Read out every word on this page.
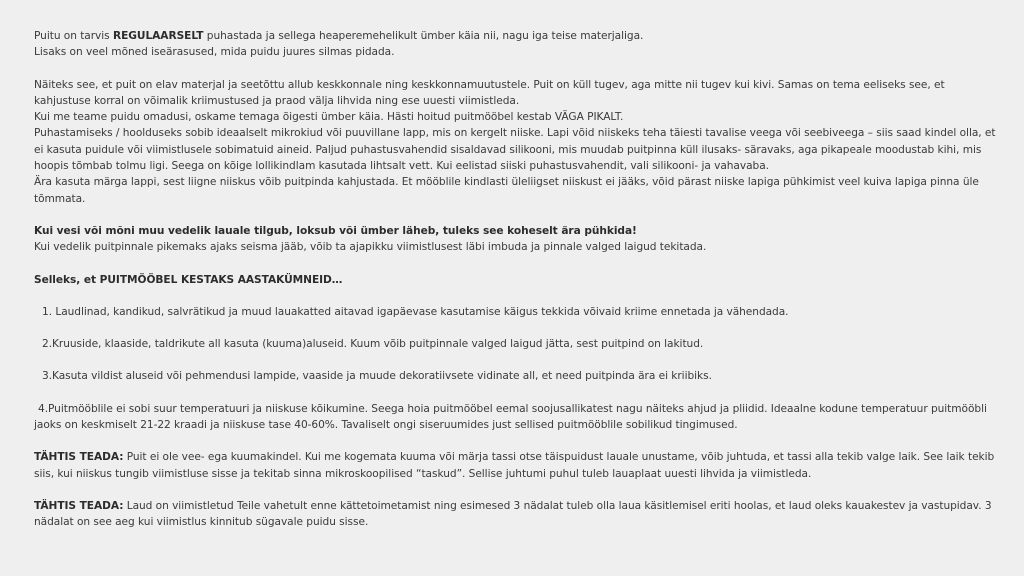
Puitu on tarvis REGULAARSELT puhastada ja sellega heaperemehelikult ümber käia nii, nagu iga teise materjaliga.

Lisaks on veel mõned iseärasused, mida puidu juures silmas pidada.

Näiteks see, et puit on elav materjal ja seetõttu allub keskkonnale ning keskkonnamuutustele. Puit on küll tugev, aga mitte nii tugev kui kivi. Samas on tema eeliseks see, et kahjustuse korral on võimalik kriimustused ja praod välja lihvida ning ese uuesti viimistleda.

Kui me teame puidu omadusi, oskame temaga õigesti ümber käia. Hästi hoitud puitmööbel kestab VÄGA PIKALT.

Puhastamiseks / hoolduseks sobib ideaalselt mikrokiud või puuvillane lapp, mis on kergelt niiske. Lapi võid niiskeks teha täiesti tavalise veega või seebiveega – siis saad kindel olla, et ei kasuta puidule või viimistlusele sobimatuid aineid. Paljud puhastusvahendid sisaldavad silikooni, mis muudab puitpinna küll ilusaks- säravaks, aga pikapeale moodustab kihi, mis hoopis tõmbab tolmu ligi. Seega on kõige lollikindlam kasutada lihtsalt vett. Kui eelistad siiski puhastusvahendit, vali silikooni- ja vahavaba.

Ära kasuta märga lappi, sest liigne niiskus võib puitpinda kahjustada. Et mööblile kindlasti üleliigset niiskust ei jääks, võid pärast niiske lapiga pühkimist veel kuiva lapiga pinna üle tõmmata.

Kui vesi või mõni muu vedelik lauale tilgub, loksub või ümber läheb, tuleks see koheselt ära pühkida!

Kui vedelik puitpinnale pikemaks ajaks seisma jääb, võib ta ajapikku viimistlusest läbi imbuda ja pinnale valged laigud tekitada.

Selleks, et PUITMÖÖBEL KESTAKS AASTAKÜMNEID…

1. Laudlinad, kandikud, salvrätikud ja muud lauakatted aitavad igapäevase kasutamise käigus tekkida võivaid kriime ennetada ja vähendada.

2.Kruuside, klaaside, taldrikute all kasuta (kuuma)aluseid. Kuum võib puitpinnale valged laigud jätta, sest puitpind on lakitud.

3.Kasuta vildist aluseid või pehmendusi lampide, vaaside ja muude dekoratiivsete vidinate all, et need puitpinda ära ei kriibiks.

4.Puitmööblile ei sobi suur temperatuuri ja niiskuse kõikumine. Seega hoia puitmööbel eemal soojusallikatest nagu näiteks ahjud ja pliidid. Ideaalne kodune temperatuur puitmööbli jaoks on keskmiselt 21-22 kraadi ja niiskuse tase 40-60%. Tavaliselt ongi siseruumides just sellised puitmööblile sobilikud tingimused.

TÄHTIS TEADA: Puit ei ole vee- ega kuumakindel. Kui me kogemata kuuma või märja tassi otse täispuidust lauale unustame, võib juhtuda, et tassi alla tekib valge laik. See laik tekib siis, kui niiskus tungib viimistluse sisse ja tekitab sinna mikroskoopilised “taskud”. Sellise juhtumi puhul tuleb lauaplaat uuesti lihvida ja viimistleda.

TÄHTIS TEADA: Laud on viimistletud Teile vahetult enne kättetoimetamist ning esimesed 3 nädalat tuleb olla laua käsitlemisel eriti hoolas, et laud oleks kauakestev ja vastupidav. 3 nädalat on see aeg kui viimistlus kinnitub sügavale puidu sisse.
